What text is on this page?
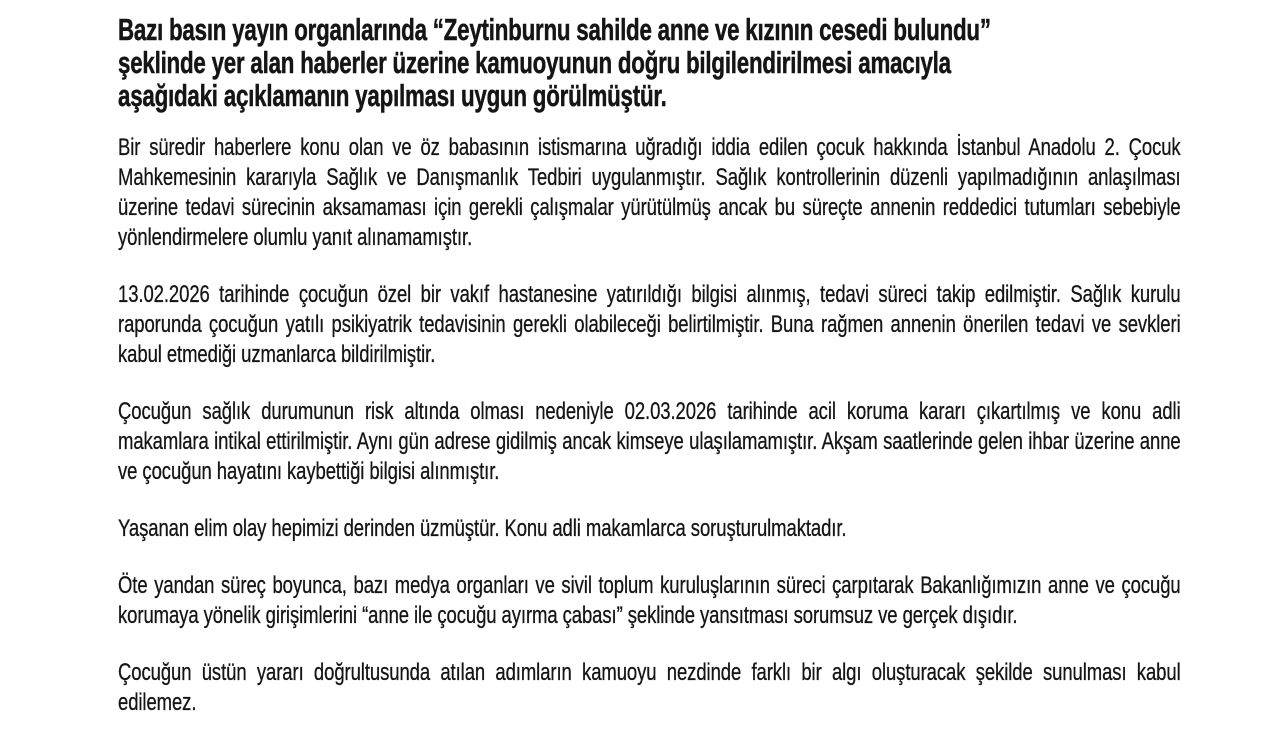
Bazı basın yayın organlarında “Zeytinburnu sahilde anne ve kızının cesedi bulundu”
şeklinde yer alan haberler üzerine kamuoyunun doğru bilgilendirilmesi amacıyla
aşağıdaki açıklamanın yapılması uygun görülmüştür.

Bir süredir haberlere konu olan ve öz babasının istismarına uğradığı iddia edilen çocuk hakkında İstanbul Anadolu 2. Çocuk Mahkemesinin kararıyla Sağlık ve Danışmanlık Tedbiri uygulanmıştır. Sağlık kontrollerinin düzenli yapılmadığının anlaşılması üzerine tedavi sürecinin aksamaması için gerekli çalışmalar yürütülmüş ancak bu süreçte annenin reddedici tutumları sebebiyle yönlendirmelere olumlu yanıt alınamamıştır.

13.02.2026 tarihinde çocuğun özel bir vakıf hastanesine yatırıldığı bilgisi alınmış, tedavi süreci takip edilmiştir. Sağlık kurulu raporunda çocuğun yatılı psikiyatrik tedavisinin gerekli olabileceği belirtilmiştir. Buna rağmen annenin önerilen tedavi ve sevkleri kabul etmediği uzmanlarca bildirilmiştir.

Çocuğun sağlık durumunun risk altında olması nedeniyle 02.03.2026 tarihinde acil koruma kararı çıkartılmış ve konu adli makamlara intikal ettirilmiştir. Aynı gün adrese gidilmiş ancak kimseye ulaşılamamıştır. Akşam saatlerinde gelen ihbar üzerine anne ve çocuğun hayatını kaybettiği bilgisi alınmıştır.

Yaşanan elim olay hepimizi derinden üzmüştür. Konu adli makamlarca soruşturulmaktadır.

Öte yandan süreç boyunca, bazı medya organları ve sivil toplum kuruluşlarının süreci çarpıtarak Bakanlığımızın anne ve çocuğu korumaya yönelik girişimlerini “anne ile çocuğu ayırma çabası” şeklinde yansıtması sorumsuz ve gerçek dışıdır.

Çocuğun üstün yararı doğrultusunda atılan adımların kamuoyu nezdinde farklı bir algı oluşturacak şekilde sunulması kabul edilemez.
